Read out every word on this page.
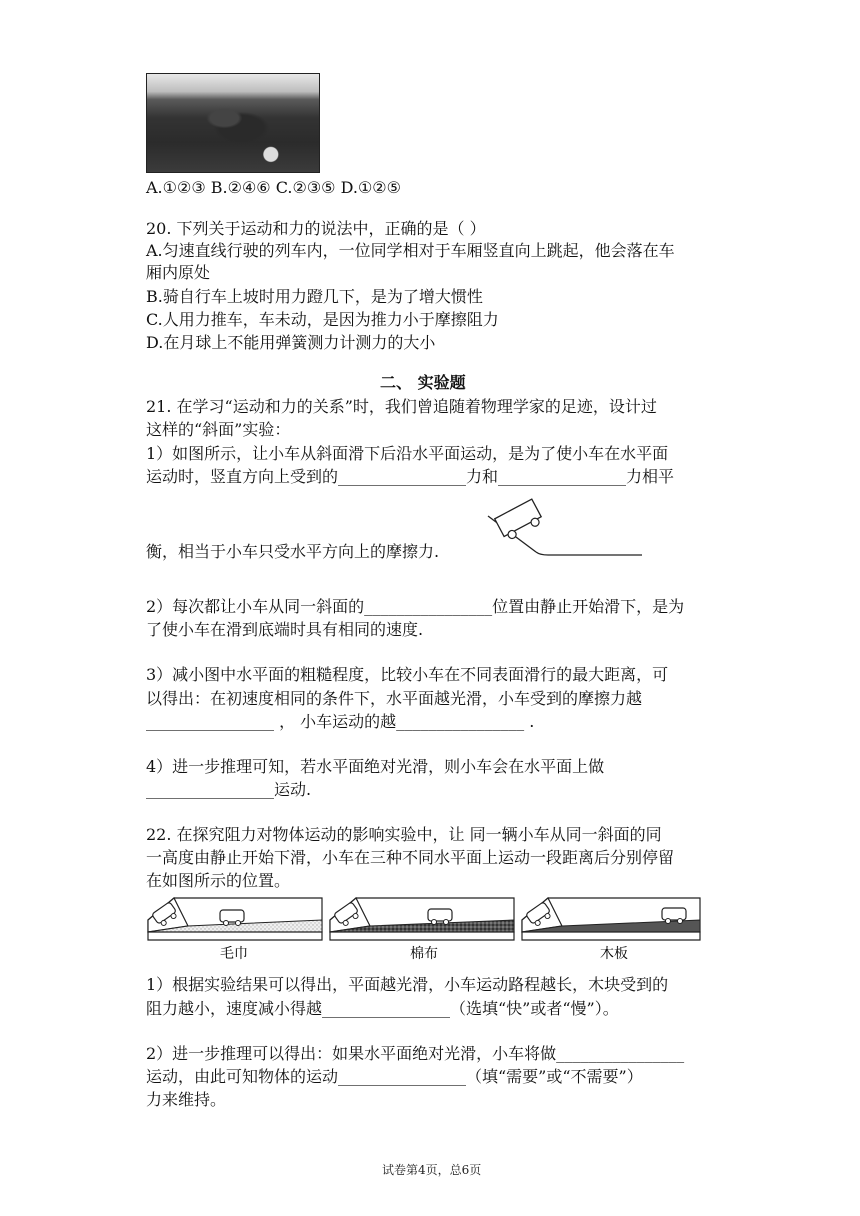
A.①②③ B.②④⑥ C.②③⑤ D.①②⑤
20. 下列关于运动和力的说法中，正确的是（ ）
A.匀速直线行驶的列车内，一位同学相对于车厢竖直向上跳起，他会落在车
厢内原处
B.骑自行车上坡时用力蹬几下，是为了增大惯性
C.人用力推车，车未动，是因为推力小于摩擦阻力
D.在月球上不能用弹簧测力计测力的大小
二、 实验题
21. 在学习“运动和力的关系”时，我们曾追随着物理学家的足迹，设计过
这样的“斜面”实验：
1）如图所示，让小车从斜面滑下后沿水平面运动，是为了使小车在水平面
运动时，竖直方向上受到的________________力和________________力相平
衡，相当于小车只受水平方向上的摩擦力.
2）每次都让小车从同一斜面的________________位置由静止开始滑下，是为
了使小车在滑到底端时具有相同的速度.
3）减小图中水平面的粗糙程度，比较小车在不同表面滑行的最大距离，可
以得出：在初速度相同的条件下，水平面越光滑，小车受到的摩擦力越
________________ ， 小车运动的越________________ .
4）进一步推理可知，若水平面绝对光滑，则小车会在水平面上做
________________运动.
22. 在探究阻力对物体运动的影响实验中，让 同一辆小车从同一斜面的同
一高度由静止开始下滑，小车在三种不同水平面上运动一段距离后分别停留
在如图所示的位置。
毛巾	棉布	木板
1）根据实验结果可以得出，平面越光滑，小车运动路程越长，木块受到的
阻力越小，速度减小得越________________（选填“快”或者“慢”）。
2）进一步推理可以得出：如果水平面绝对光滑，小车将做________________
运动，由此可知物体的运动________________（填“需要”或“不需要”）
力来维持。
试卷第4页，总6页
